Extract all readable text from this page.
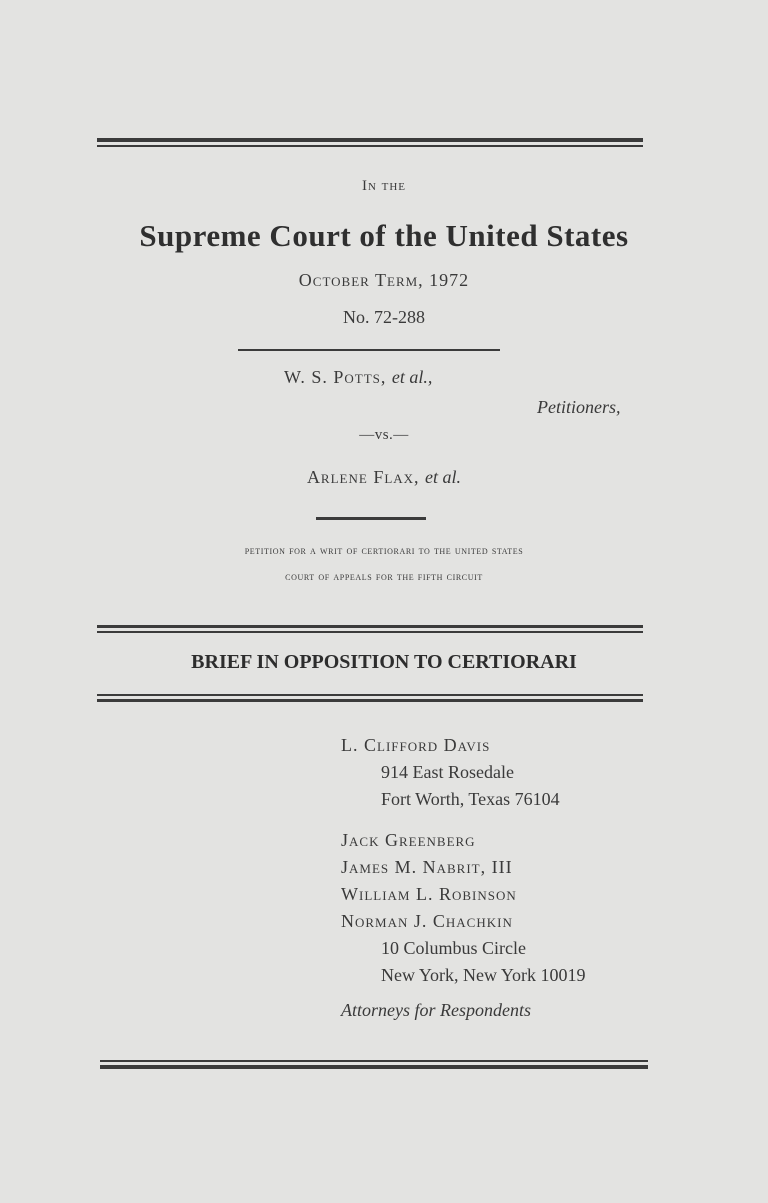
In the
Supreme Court of the United States
October Term, 1972
No. 72-288
W. S. Potts, et al.,
Petitioners,
—vs.—
Arlene Flax, et al.
petition for a writ of certiorari to the united states
court of appeals for the fifth circuit
BRIEF IN OPPOSITION TO CERTIORARI
L. Clifford Davis
914 East Rosedale
Fort Worth, Texas 76104
Jack Greenberg
James M. Nabrit, III
William L. Robinson
Norman J. Chachkin
10 Columbus Circle
New York, New York 10019
Attorneys for Respondents
